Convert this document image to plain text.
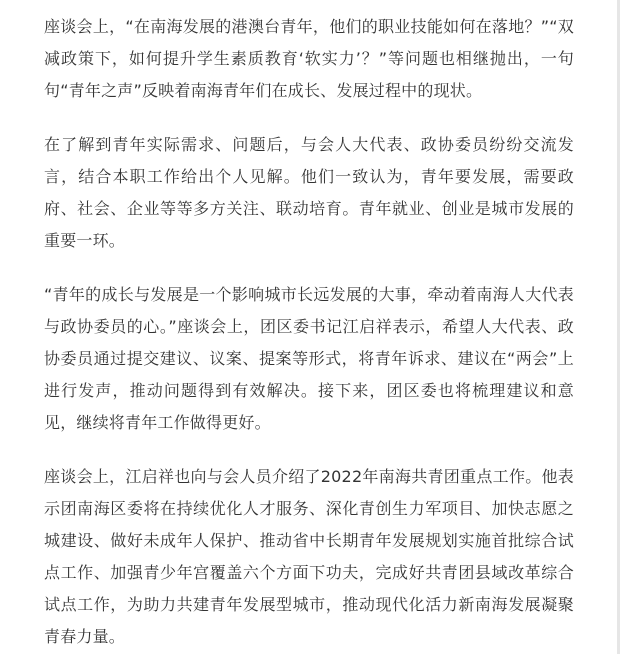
座谈会上，“在南海发展的港澳台青年，他们的职业技能如何在落地？”“双减政策下，如何提升学生素质教育‘软实力’？”等问题也相继抛出，一句句“青年之声”反映着南海青年们在成长、发展过程中的现状。

在了解到青年实际需求、问题后，与会人大代表、政协委员纷纷交流发言，结合本职工作给出个人见解。他们一致认为，青年要发展，需要政府、社会、企业等等多方关注、联动培育。青年就业、创业是城市发展的重要一环。

“青年的成长与发展是一个影响城市长远发展的大事，牵动着南海人大代表与政协委员的心。”座谈会上，团区委书记江启祥表示，希望人大代表、政协委员通过提交建议、议案、提案等形式，将青年诉求、建议在“两会”上进行发声，推动问题得到有效解决。接下来，团区委也将梳理建议和意见，继续将青年工作做得更好。

座谈会上，江启祥也向与会人员介绍了2022年南海共青团重点工作。他表示团南海区委将在持续优化人才服务、深化青创生力军项目、加快志愿之城建设、做好未成年人保护、推动省中长期青年发展规划实施首批综合试点工作、加强青少年宫覆盖六个方面下功夫，完成好共青团县域改革综合试点工作，为助力共建青年发展型城市，推动现代化活力新南海发展凝聚青春力量。
